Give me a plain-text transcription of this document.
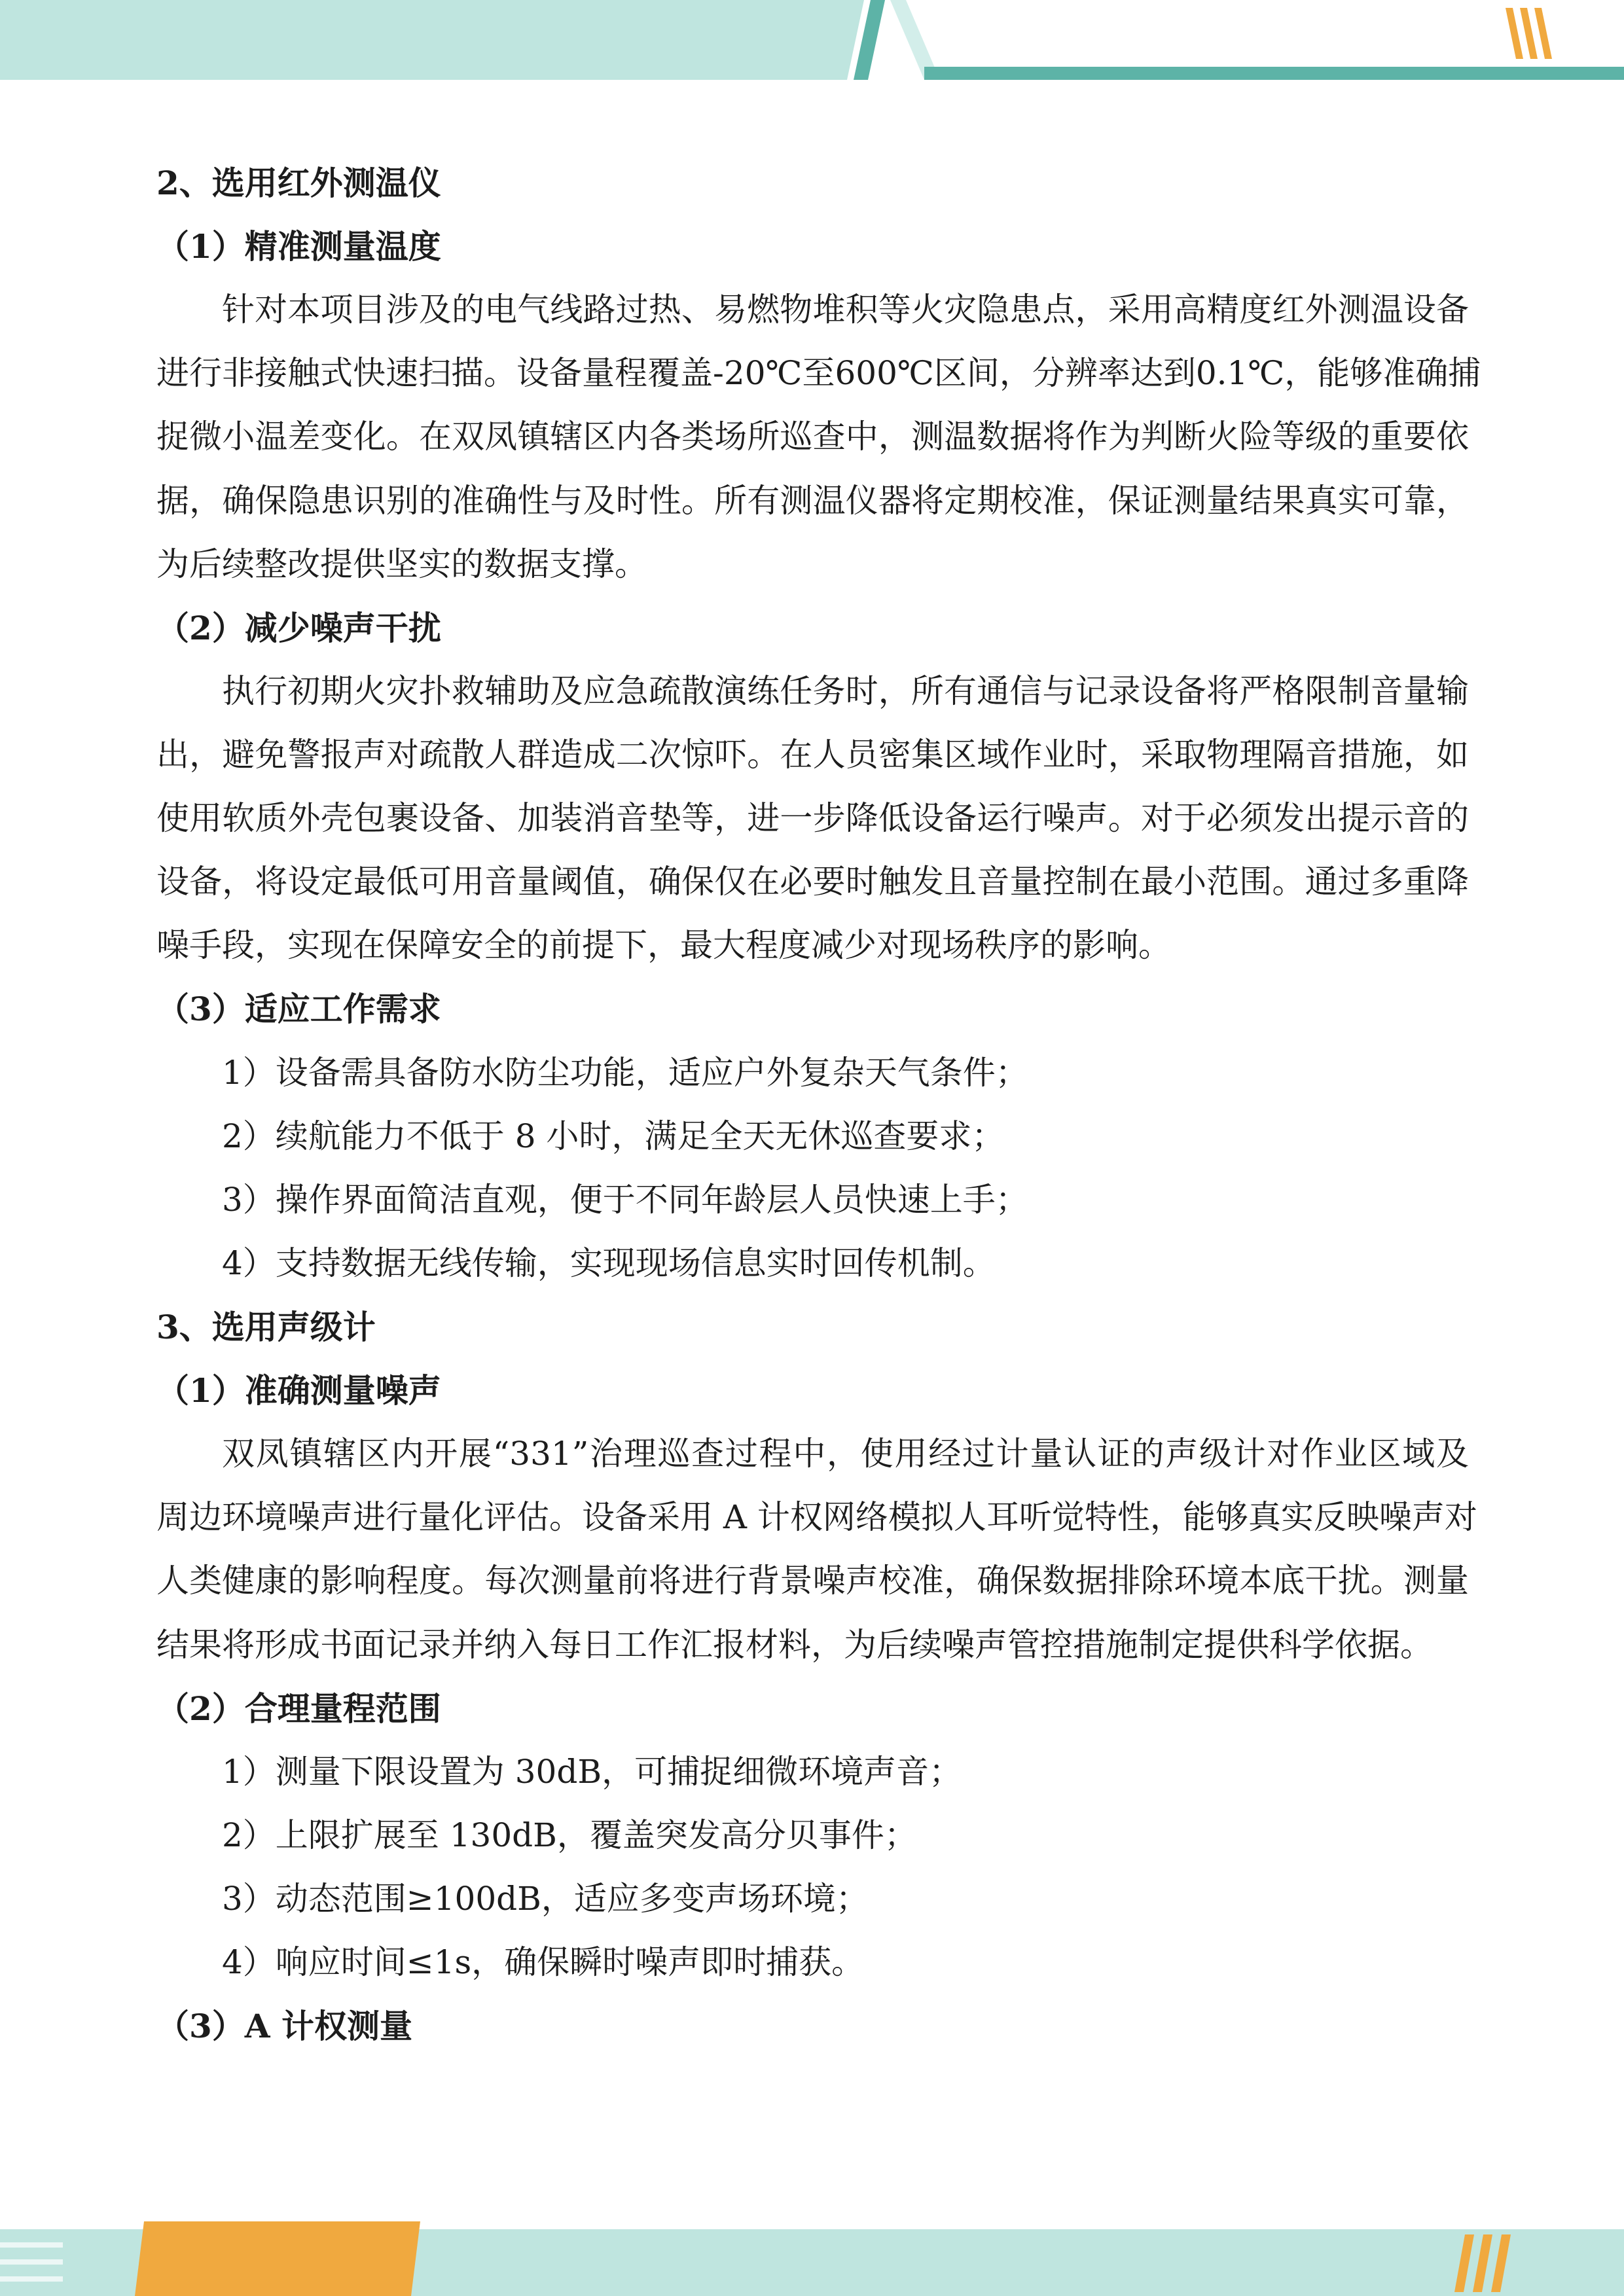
2、选用红外测温仪
（1）精准测量温度
针对本项目涉及的电气线路过热、易燃物堆积等火灾隐患点，采用高精度红外测温设备
进行非接触式快速扫描。设备量程覆盖-20℃至600℃区间，分辨率达到0.1℃，能够准确捕
捉微小温差变化。在双凤镇辖区内各类场所巡查中，测温数据将作为判断火险等级的重要依
据，确保隐患识别的准确性与及时性。所有测温仪器将定期校准，保证测量结果真实可靠，
为后续整改提供坚实的数据支撑。
（2）减少噪声干扰
执行初期火灾扑救辅助及应急疏散演练任务时，所有通信与记录设备将严格限制音量输
出，避免警报声对疏散人群造成二次惊吓。在人员密集区域作业时，采取物理隔音措施，如
使用软质外壳包裹设备、加装消音垫等，进一步降低设备运行噪声。对于必须发出提示音的
设备，将设定最低可用音量阈值，确保仅在必要时触发且音量控制在最小范围。通过多重降
噪手段，实现在保障安全的前提下，最大程度减少对现场秩序的影响。
（3）适应工作需求
1）设备需具备防水防尘功能，适应户外复杂天气条件；
2）续航能力不低于 8 小时，满足全天无休巡查要求；
3）操作界面简洁直观，便于不同年龄层人员快速上手；
4）支持数据无线传输，实现现场信息实时回传机制。
3、选用声级计
（1）准确测量噪声
双凤镇辖区内开展“331”治理巡查过程中，使用经过计量认证的声级计对作业区域及
周边环境噪声进行量化评估。设备采用 A 计权网络模拟人耳听觉特性，能够真实反映噪声对
人类健康的影响程度。每次测量前将进行背景噪声校准，确保数据排除环境本底干扰。测量
结果将形成书面记录并纳入每日工作汇报材料，为后续噪声管控措施制定提供科学依据。
（2）合理量程范围
1）测量下限设置为 30dB，可捕捉细微环境声音；
2）上限扩展至 130dB，覆盖突发高分贝事件；
3）动态范围≥100dB，适应多变声场环境；
4）响应时间≤1s，确保瞬时噪声即时捕获。
（3）A 计权测量
